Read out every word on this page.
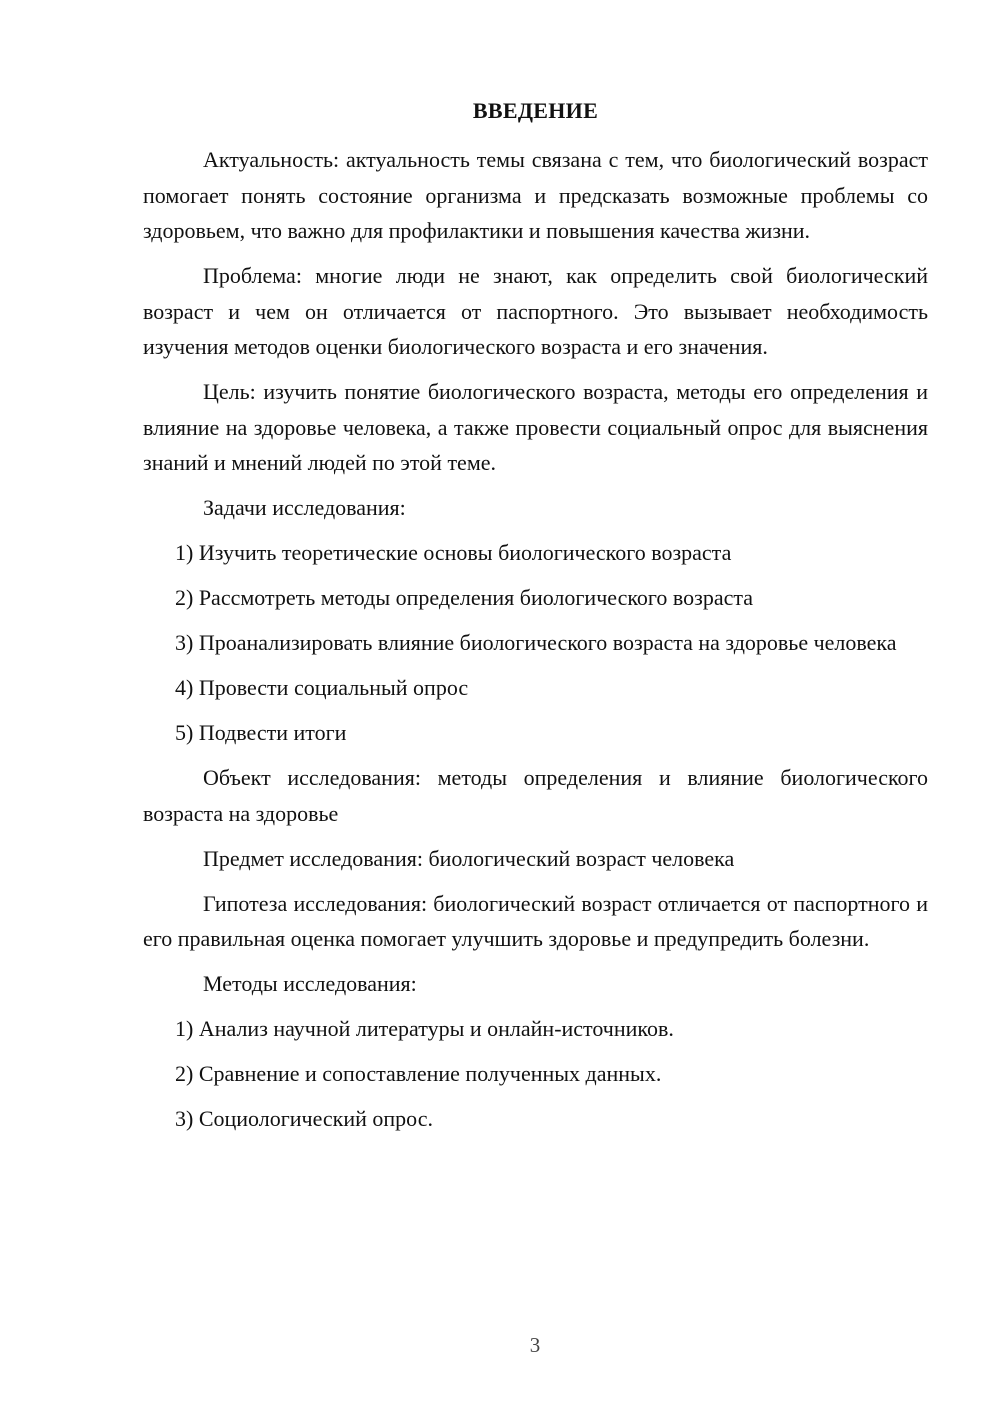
ВВЕДЕНИЕ

Актуальность: актуальность темы связана с тем, что биологический возраст помогает понять состояние организма и предсказать возможные проблемы со здоровьем, что важно для профилактики и повышения качества жизни.

Проблема: многие люди не знают, как определить свой биологический возраст и чем он отличается от паспортного. Это вызывает необходимость изучения методов оценки биологического возраста и его значения.

Цель: изучить понятие биологического возраста, методы его определения и влияние на здоровье человека, а также провести социальный опрос для выяснения знаний и мнений людей по этой теме.

Задачи исследования:

1) Изучить теоретические основы биологического возраста

2) Рассмотреть методы определения биологического возраста

3) Проанализировать влияние биологического возраста на здоровье человека

4) Провести социальный опрос

5) Подвести итоги

Объект исследования: методы определения и влияние биологического возраста на здоровье

Предмет исследования: биологический возраст человека

Гипотеза исследования: биологический возраст отличается от паспортного и его правильная оценка помогает улучшить здоровье и предупредить болезни.

Методы исследования:

1) Анализ научной литературы и онлайн-источников.

2) Сравнение и сопоставление полученных данных.

3) Социологический опрос.

3
